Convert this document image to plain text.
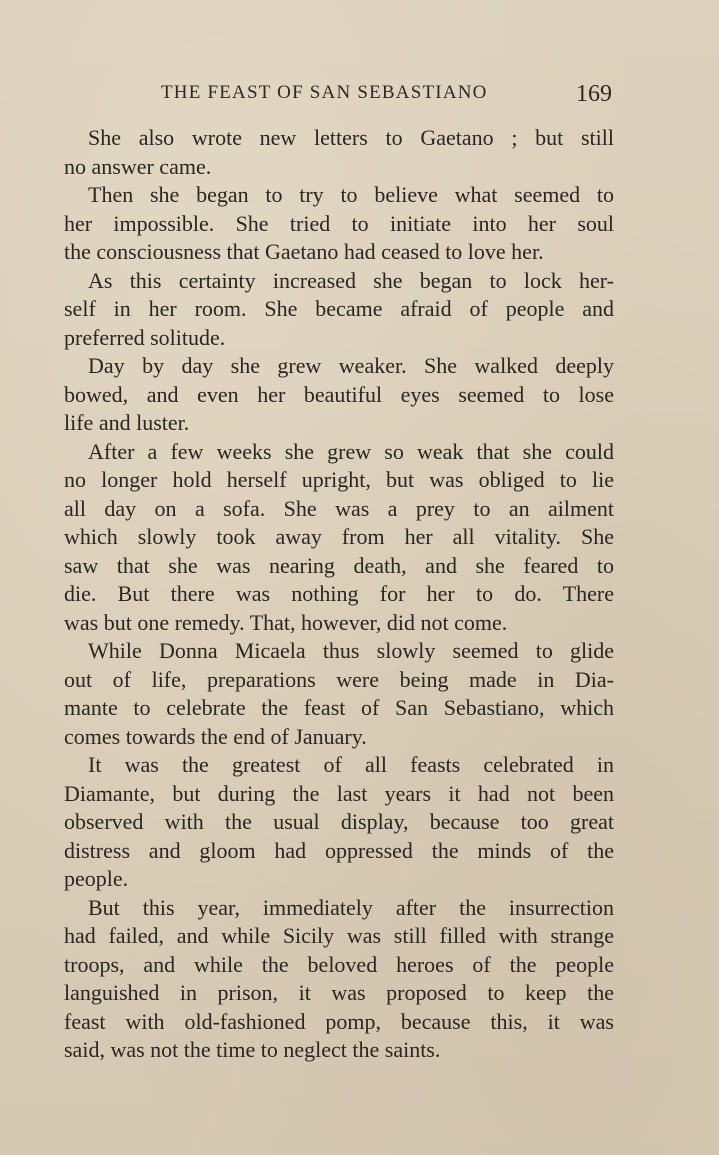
THE FEAST OF SAN SEBASTIANO	169
She also wrote new letters to Gaetano ; but still
no answer came.
Then she began to try to believe what seemed to
her impossible. She tried to initiate into her soul
the consciousness that Gaetano had ceased to love her.
As this certainty increased she began to lock her-
self in her room. She became afraid of people and
preferred solitude.
Day by day she grew weaker. She walked deeply
bowed, and even her beautiful eyes seemed to lose
life and luster.
After a few weeks she grew so weak that she could
no longer hold herself upright, but was obliged to lie
all day on a sofa. She was a prey to an ailment
which slowly took away from her all vitality. She
saw that she was nearing death, and she feared to
die. But there was nothing for her to do. There
was but one remedy. That, however, did not come.
While Donna Micaela thus slowly seemed to glide
out of life, preparations were being made in Dia-
mante to celebrate the feast of San Sebastiano, which
comes towards the end of January.
It was the greatest of all feasts celebrated in
Diamante, but during the last years it had not been
observed with the usual display, because too great
distress and gloom had oppressed the minds of the
people.
But this year, immediately after the insurrection
had failed, and while Sicily was still filled with strange
troops, and while the beloved heroes of the people
languished in prison, it was proposed to keep the
feast with old-fashioned pomp, because this, it was
said, was not the time to neglect the saints.
